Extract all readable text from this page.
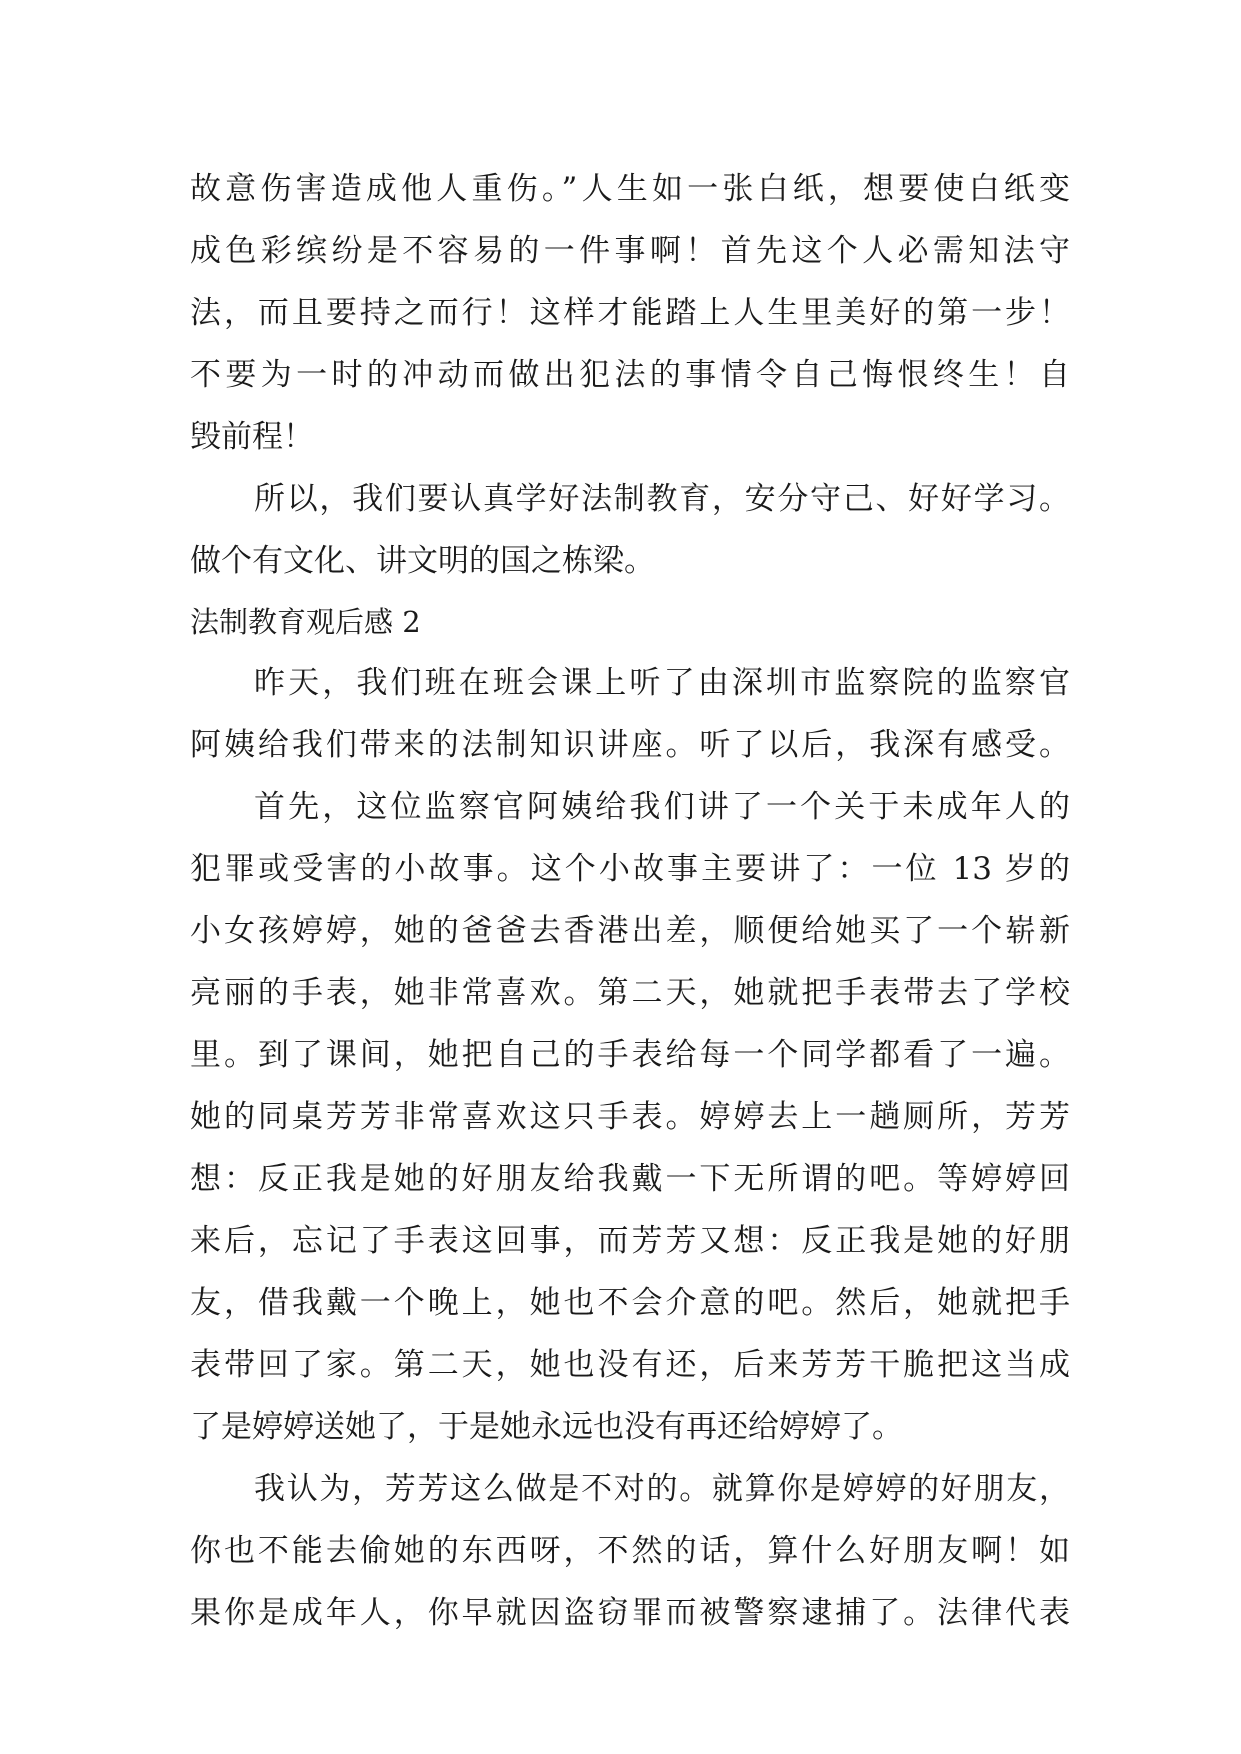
故意伤害造成他人重伤。”人生如一张白纸，想要使白纸变
成色彩缤纷是不容易的一件事啊！首先这个人必需知法守
法，而且要持之而行！这样才能踏上人生里美好的第一步！
不要为一时的冲动而做出犯法的事情令自己悔恨终生！自
毁前程！
所以，我们要认真学好法制教育，安分守己、好好学习。
做个有文化、讲文明的国之栋梁。
法制教育观后感 2
昨天，我们班在班会课上听了由深圳市监察院的监察官
阿姨给我们带来的法制知识讲座。听了以后，我深有感受。
首先，这位监察官阿姨给我们讲了一个关于未成年人的
犯罪或受害的小故事。这个小故事主要讲了：一位 13 岁的
小女孩婷婷，她的爸爸去香港出差，顺便给她买了一个崭新
亮丽的手表，她非常喜欢。第二天，她就把手表带去了学校
里。到了课间，她把自己的手表给每一个同学都看了一遍。
她的同桌芳芳非常喜欢这只手表。婷婷去上一趟厕所，芳芳
想：反正我是她的好朋友给我戴一下无所谓的吧。等婷婷回
来后，忘记了手表这回事，而芳芳又想：反正我是她的好朋
友，借我戴一个晚上，她也不会介意的吧。然后，她就把手
表带回了家。第二天，她也没有还，后来芳芳干脆把这当成
了是婷婷送她了，于是她永远也没有再还给婷婷了。
我认为，芳芳这么做是不对的。就算你是婷婷的好朋友，
你也不能去偷她的东西呀，不然的话，算什么好朋友啊！如
果你是成年人，你早就因盗窃罪而被警察逮捕了。法律代表
